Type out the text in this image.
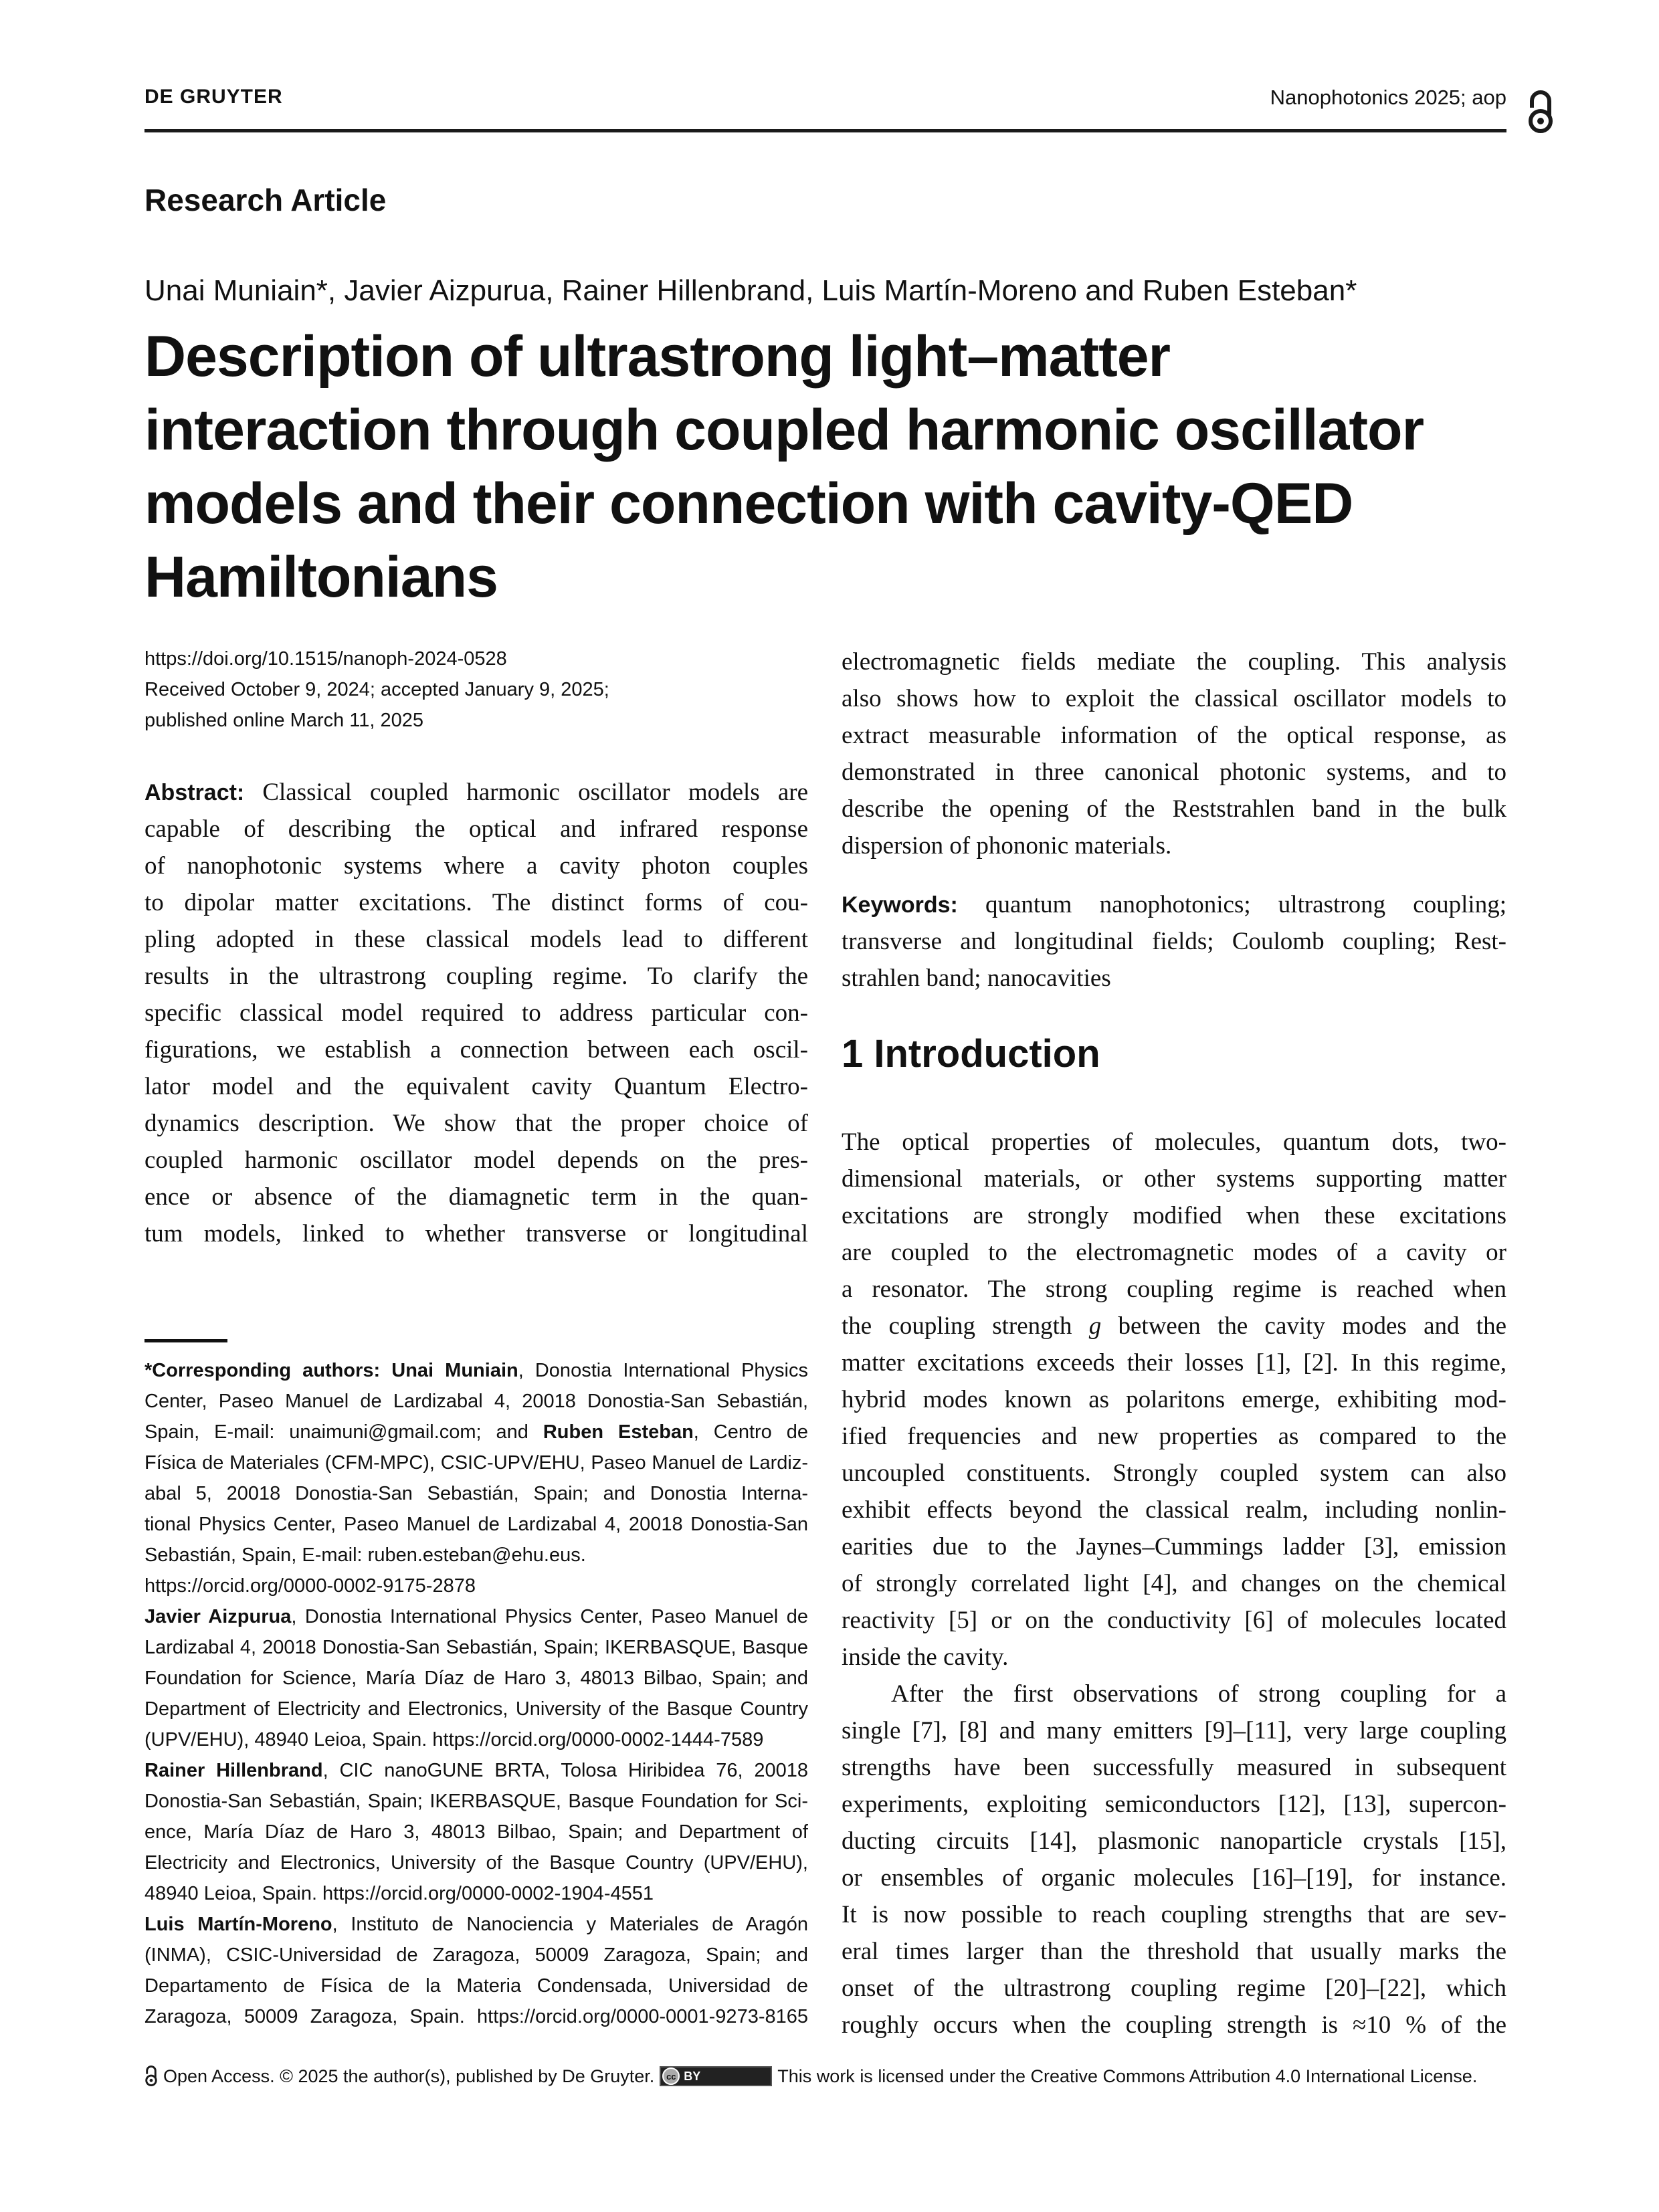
DE GRUYTER	Nanophotonics 2025; aop
Research Article
Unai Muniain*, Javier Aizpurua, Rainer Hillenbrand, Luis Martín-Moreno and Ruben Esteban*
Description of ultrastrong light–matter
interaction through coupled harmonic oscillator
models and their connection with cavity-QED
Hamiltonians
https://doi.org/10.1515/nanoph-2024-0528
Received October 9, 2024; accepted January 9, 2025;
published online March 11, 2025
Abstract: Classical coupled harmonic oscillator models are
capable of describing the optical and infrared response
of nanophotonic systems where a cavity photon couples
to dipolar matter excitations. The distinct forms of cou-
pling adopted in these classical models lead to different
results in the ultrastrong coupling regime. To clarify the
specific classical model required to address particular con-
figurations, we establish a connection between each oscil-
lator model and the equivalent cavity Quantum Electro-
dynamics description. We show that the proper choice of
coupled harmonic oscillator model depends on the pres-
ence or absence of the diamagnetic term in the quan-
tum models, linked to whether transverse or longitudinal
*Corresponding authors: Unai Muniain, Donostia International Physics
Center, Paseo Manuel de Lardizabal 4, 20018 Donostia-San Sebastián,
Spain, E-mail: unaimuni@gmail.com; and Ruben Esteban, Centro de
Física de Materiales (CFM-MPC), CSIC-UPV/EHU, Paseo Manuel de Lardiz-
abal 5, 20018 Donostia-San Sebastián, Spain; and Donostia Interna-
tional Physics Center, Paseo Manuel de Lardizabal 4, 20018 Donostia-San
Sebastián, Spain, E-mail: ruben.esteban@ehu.eus.
https://orcid.org/0000-0002-9175-2878
Javier Aizpurua, Donostia International Physics Center, Paseo Manuel de
Lardizabal 4, 20018 Donostia-San Sebastián, Spain; IKERBASQUE, Basque
Foundation for Science, María Díaz de Haro 3, 48013 Bilbao, Spain; and
Department of Electricity and Electronics, University of the Basque Country
(UPV/EHU), 48940 Leioa, Spain. https://orcid.org/0000-0002-1444-7589
Rainer Hillenbrand, CIC nanoGUNE BRTA, Tolosa Hiribidea 76, 20018
Donostia-San Sebastián, Spain; IKERBASQUE, Basque Foundation for Sci-
ence, María Díaz de Haro 3, 48013 Bilbao, Spain; and Department of
Electricity and Electronics, University of the Basque Country (UPV/EHU),
48940 Leioa, Spain. https://orcid.org/0000-0002-1904-4551
Luis Martín-Moreno, Instituto de Nanociencia y Materiales de Aragón
(INMA), CSIC-Universidad de Zaragoza, 50009 Zaragoza, Spain; and
Departamento de Física de la Materia Condensada, Universidad de
Zaragoza, 50009 Zaragoza, Spain. https://orcid.org/0000-0001-9273-8165
electromagnetic fields mediate the coupling. This analysis
also shows how to exploit the classical oscillator models to
extract measurable information of the optical response, as
demonstrated in three canonical photonic systems, and to
describe the opening of the Reststrahlen band in the bulk
dispersion of phononic materials.
Keywords: quantum nanophotonics; ultrastrong coupling;
transverse and longitudinal fields; Coulomb coupling; Rest-
strahlen band; nanocavities
1 Introduction
The optical properties of molecules, quantum dots, two-
dimensional materials, or other systems supporting matter
excitations are strongly modified when these excitations
are coupled to the electromagnetic modes of a cavity or
a resonator. The strong coupling regime is reached when
the coupling strength g between the cavity modes and the
matter excitations exceeds their losses [1], [2]. In this regime,
hybrid modes known as polaritons emerge, exhibiting mod-
ified frequencies and new properties as compared to the
uncoupled constituents. Strongly coupled system can also
exhibit effects beyond the classical realm, including nonlin-
earities due to the Jaynes–Cummings ladder [3], emission
of strongly correlated light [4], and changes on the chemical
reactivity [5] or on the conductivity [6] of molecules located
inside the cavity.
After the first observations of strong coupling for a
single [7], [8] and many emitters [9]–[11], very large coupling
strengths have been successfully measured in subsequent
experiments, exploiting semiconductors [12], [13], supercon-
ducting circuits [14], plasmonic nanoparticle crystals [15],
or ensembles of organic molecules [16]–[19], for instance.
It is now possible to reach coupling strengths that are sev-
eral times larger than the threshold that usually marks the
onset of the ultrastrong coupling regime [20]–[22], which
roughly occurs when the coupling strength is ≈10 % of the
Open Access. © 2025 the author(s), published by De Gruyter.	cc BY	This work is licensed under the Creative Commons Attribution 4.0 International License.
